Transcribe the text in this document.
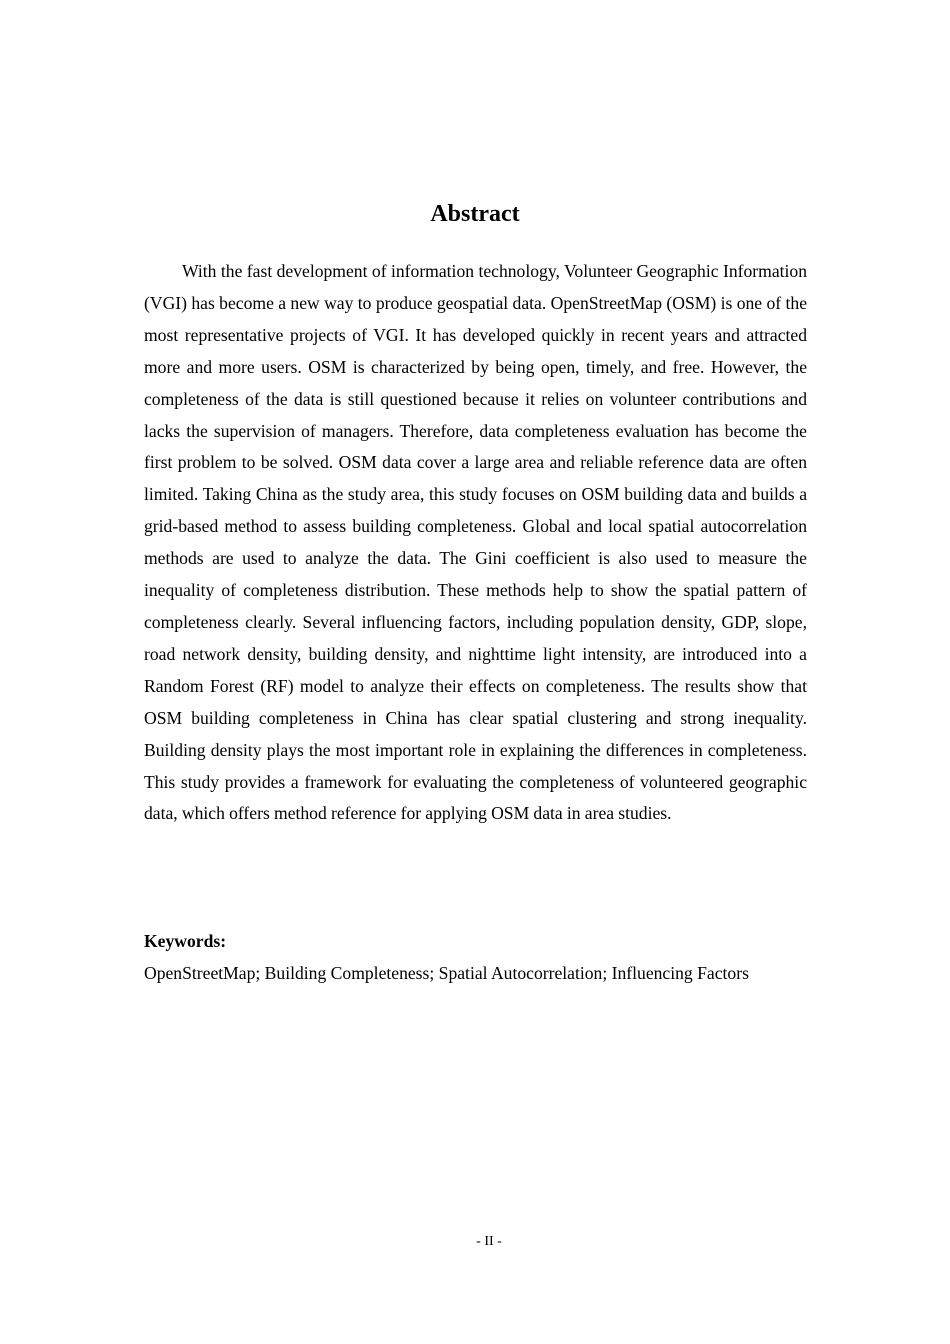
Abstract

With the fast development of information technology, Volunteer Geographic Information (VGI) has become a new way to produce geospatial data. OpenStreetMap (OSM) is one of the most representative projects of VGI. It has developed quickly in recent years and attracted more and more users. OSM is characterized by being open, timely, and free. However, the completeness of the data is still questioned because it relies on volunteer contributions and lacks the supervision of managers. Therefore, data completeness evaluation has become the first problem to be solved. OSM data cover a large area and reliable reference data are often limited. Taking China as the study area, this study focuses on OSM building data and builds a grid-based method to assess building completeness. Global and local spatial autocorrelation methods are used to analyze the data. The Gini coefficient is also used to measure the inequality of completeness distribution. These methods help to show the spatial pattern of completeness clearly. Several influencing factors, including population density, GDP, slope, road network density, building density, and nighttime light intensity, are introduced into a Random Forest (RF) model to analyze their effects on completeness. The results show that OSM building completeness in China has clear spatial clustering and strong inequality. Building density plays the most important role in explaining the differences in completeness. This study provides a framework for evaluating the completeness of volunteered geographic data, which offers method reference for applying OSM data in area studies.

Keywords:

OpenStreetMap; Building Completeness; Spatial Autocorrelation; Influencing Factors

- II -
